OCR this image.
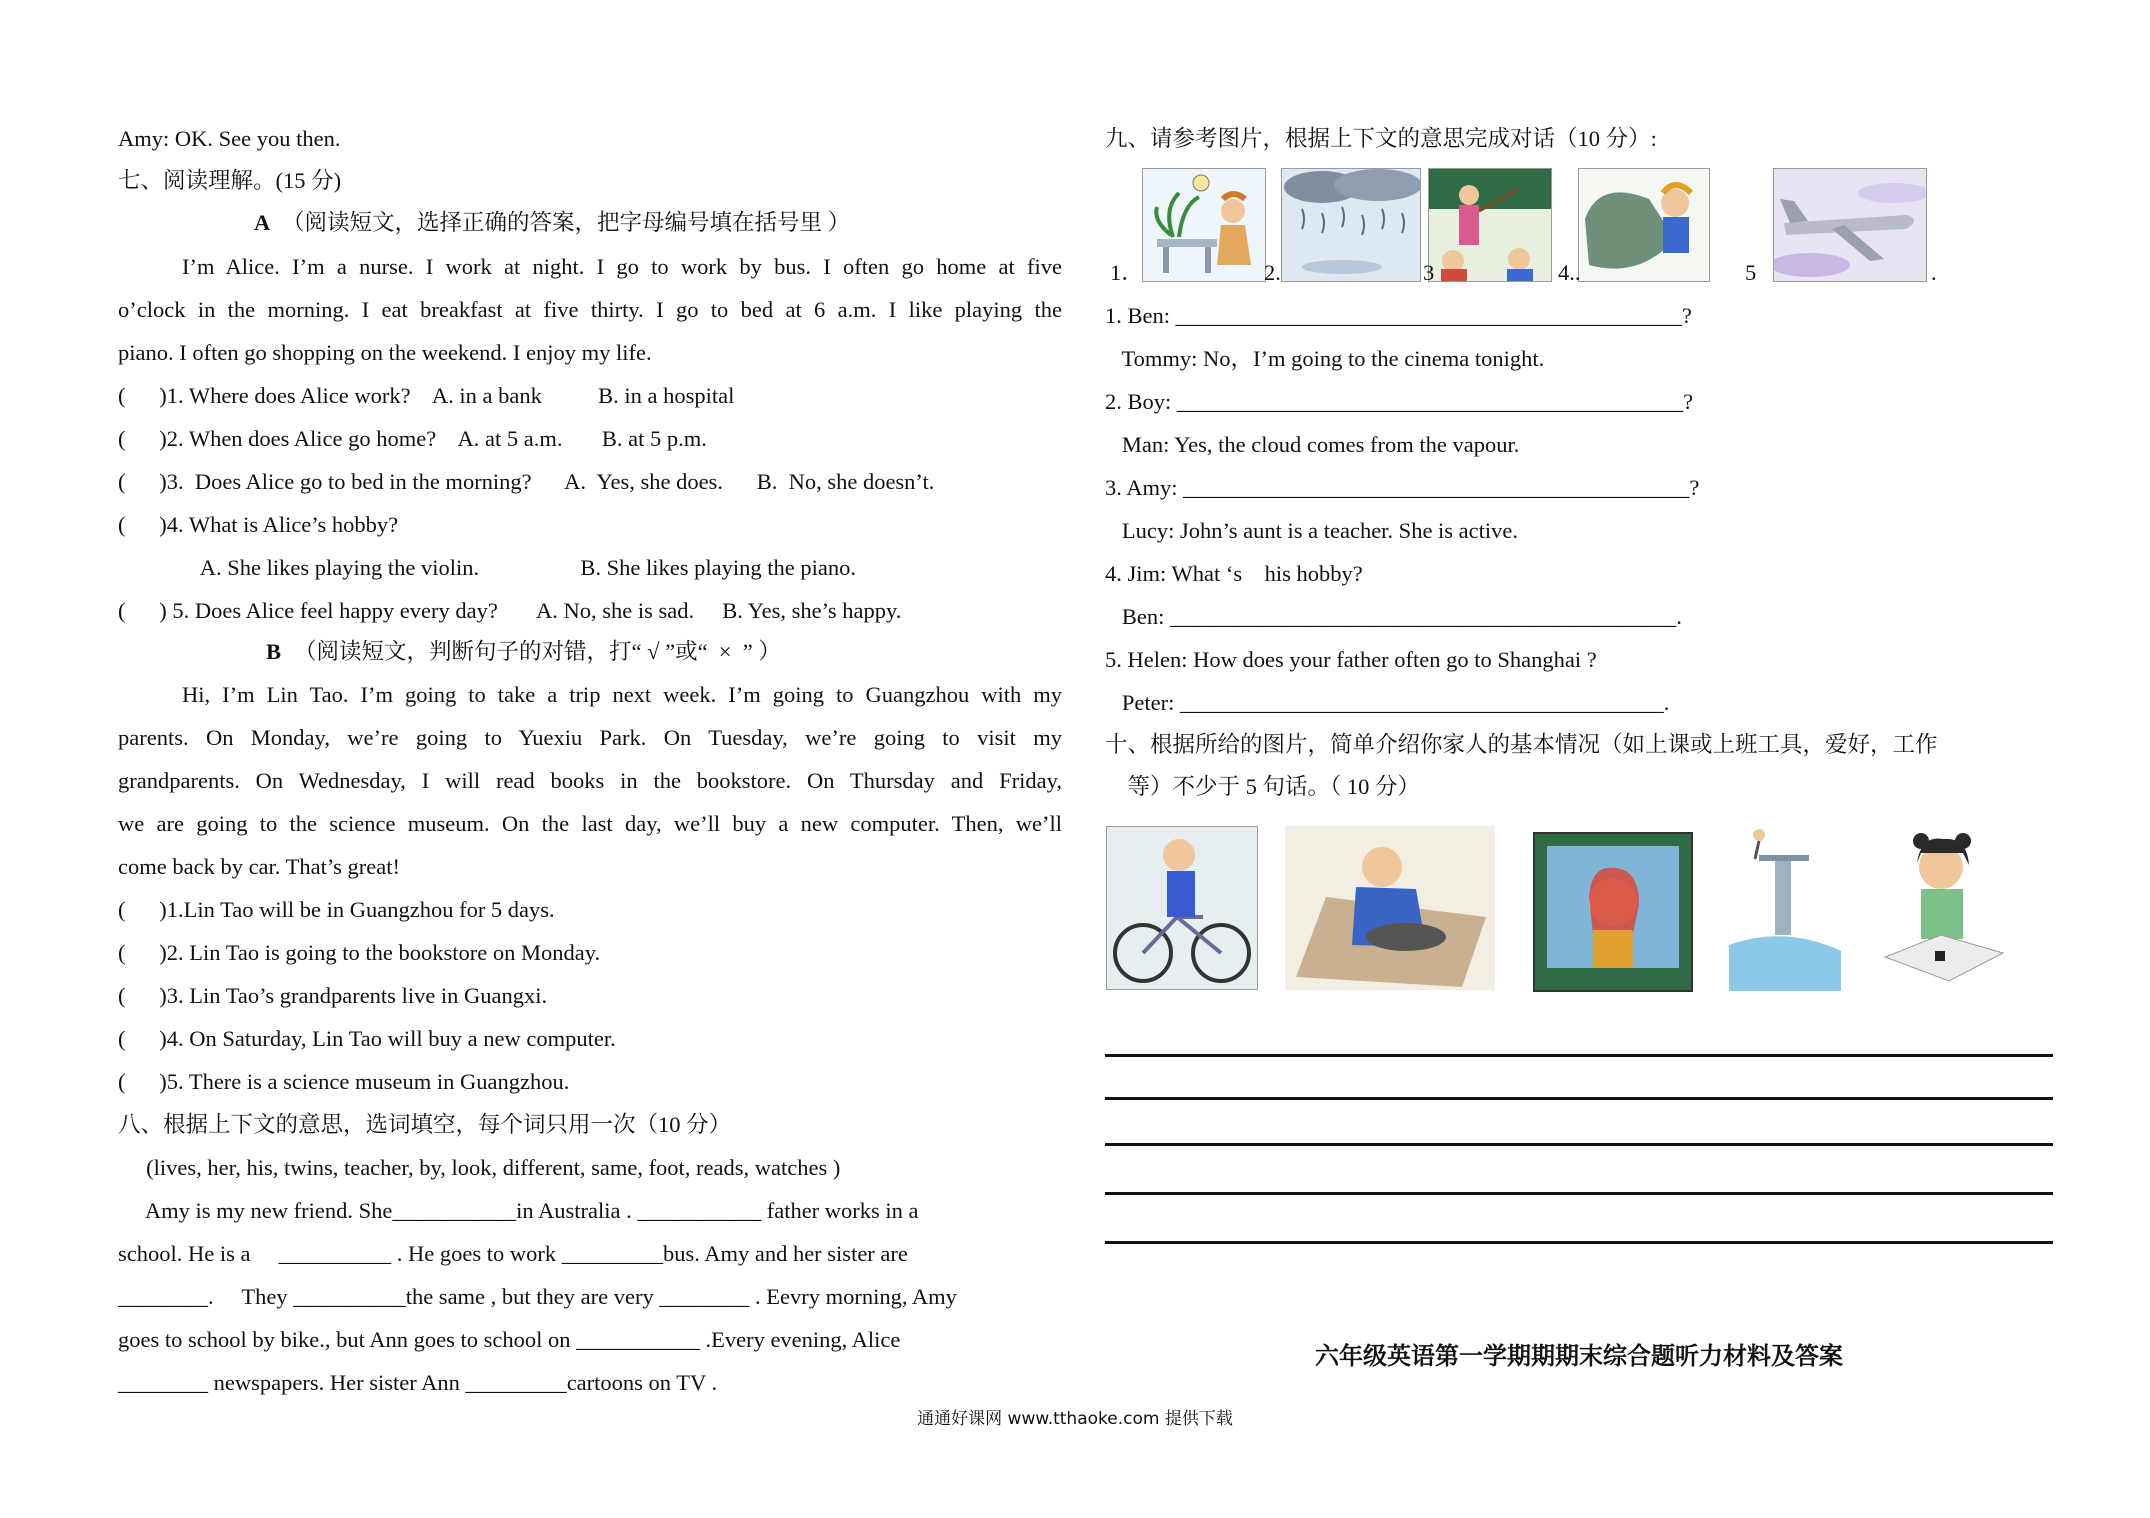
Amy: OK. See you then.
七、阅读理解。(15 分)
A （阅读短文，选择正确的答案，把字母编号填在括号里 ）
I’m Alice. I’m a nurse. I work at night. I go to work by bus. I often go home at five
o’clock in the morning. I eat breakfast at five thirty. I go to bed at 6 a.m. I like playing the
piano. I often go shopping on the weekend. I enjoy my life.
(      )1. Where does Alice work?    A. in a bank          B. in a hospital
(      )2. When does Alice go home?    A. at 5 a.m.       B. at 5 p.m.
(      )3.  Does Alice go to bed in the morning?      A.  Yes, she does.      B.  No, she doesn’t.
(      )4. What is Alice’s hobby?
A. She likes playing the violin.                  B. She likes playing the piano.
(      ) 5. Does Alice feel happy every day?       A. No, she is sad.     B. Yes, she’s happy.
B （阅读短文，判断句子的对错，打“ √ ”或“  ×  ” ）
Hi, I’m Lin Tao. I’m going to take a trip next week. I’m going to Guangzhou with my
parents. On Monday, we’re going to Yuexiu Park. On Tuesday, we’re going to visit my
grandparents. On Wednesday, I will read books in the bookstore. On Thursday and Friday,
we are going to the science museum. On the last day, we’ll buy a new computer. Then, we’ll
come back by car. That’s great!
(      )1.Lin Tao will be in Guangzhou for 5 days.
(      )2. Lin Tao is going to the bookstore on Monday.
(      )3. Lin Tao’s grandparents live in Guangxi.
(      )4. On Saturday, Lin Tao will buy a new computer.
(      )5. There is a science museum in Guangzhou.
八、根据上下文的意思，选词填空，每个词只用一次（10 分）
(lives, her, his, twins, teacher, by, look, different, same, foot, reads, watches )
Amy is my new friend. She___________in Australia . ___________ father works in a
school. He is a     __________ . He goes to work _________bus. Amy and her sister are
________.     They __________the same , but they are very ________ . Eevry morning, Amy
goes to school by bike., but Ann goes to school on ___________ .Every evening, Alice
________ newspapers. Her sister Ann _________cartoons on TV .
九、请参考图片，根据上下文的意思完成对话（10 分）:
1．	2.	3	4..	5	.
1. Ben: _____________________________________________?
Tommy: No，I’m going to the cinema tonight.
2. Boy: _____________________________________________?
Man: Yes, the cloud comes from the vapour.
3. Amy: _____________________________________________?
Lucy: John’s aunt is a teacher. She is active.
4. Jim: What ‘s    his hobby?
Ben: _____________________________________________.
5. Helen: How does your father often go to Shanghai ?
Peter: ___________________________________________.
十、根据所给的图片，简单介绍你家人的基本情况（如上课或上班工具，爱好，工作
等）不少于 5 句话。（ 10 分）
六年级英语第一学期期期末综合题听力材料及答案
通通好课网 www.tthaoke.com 提供下载
